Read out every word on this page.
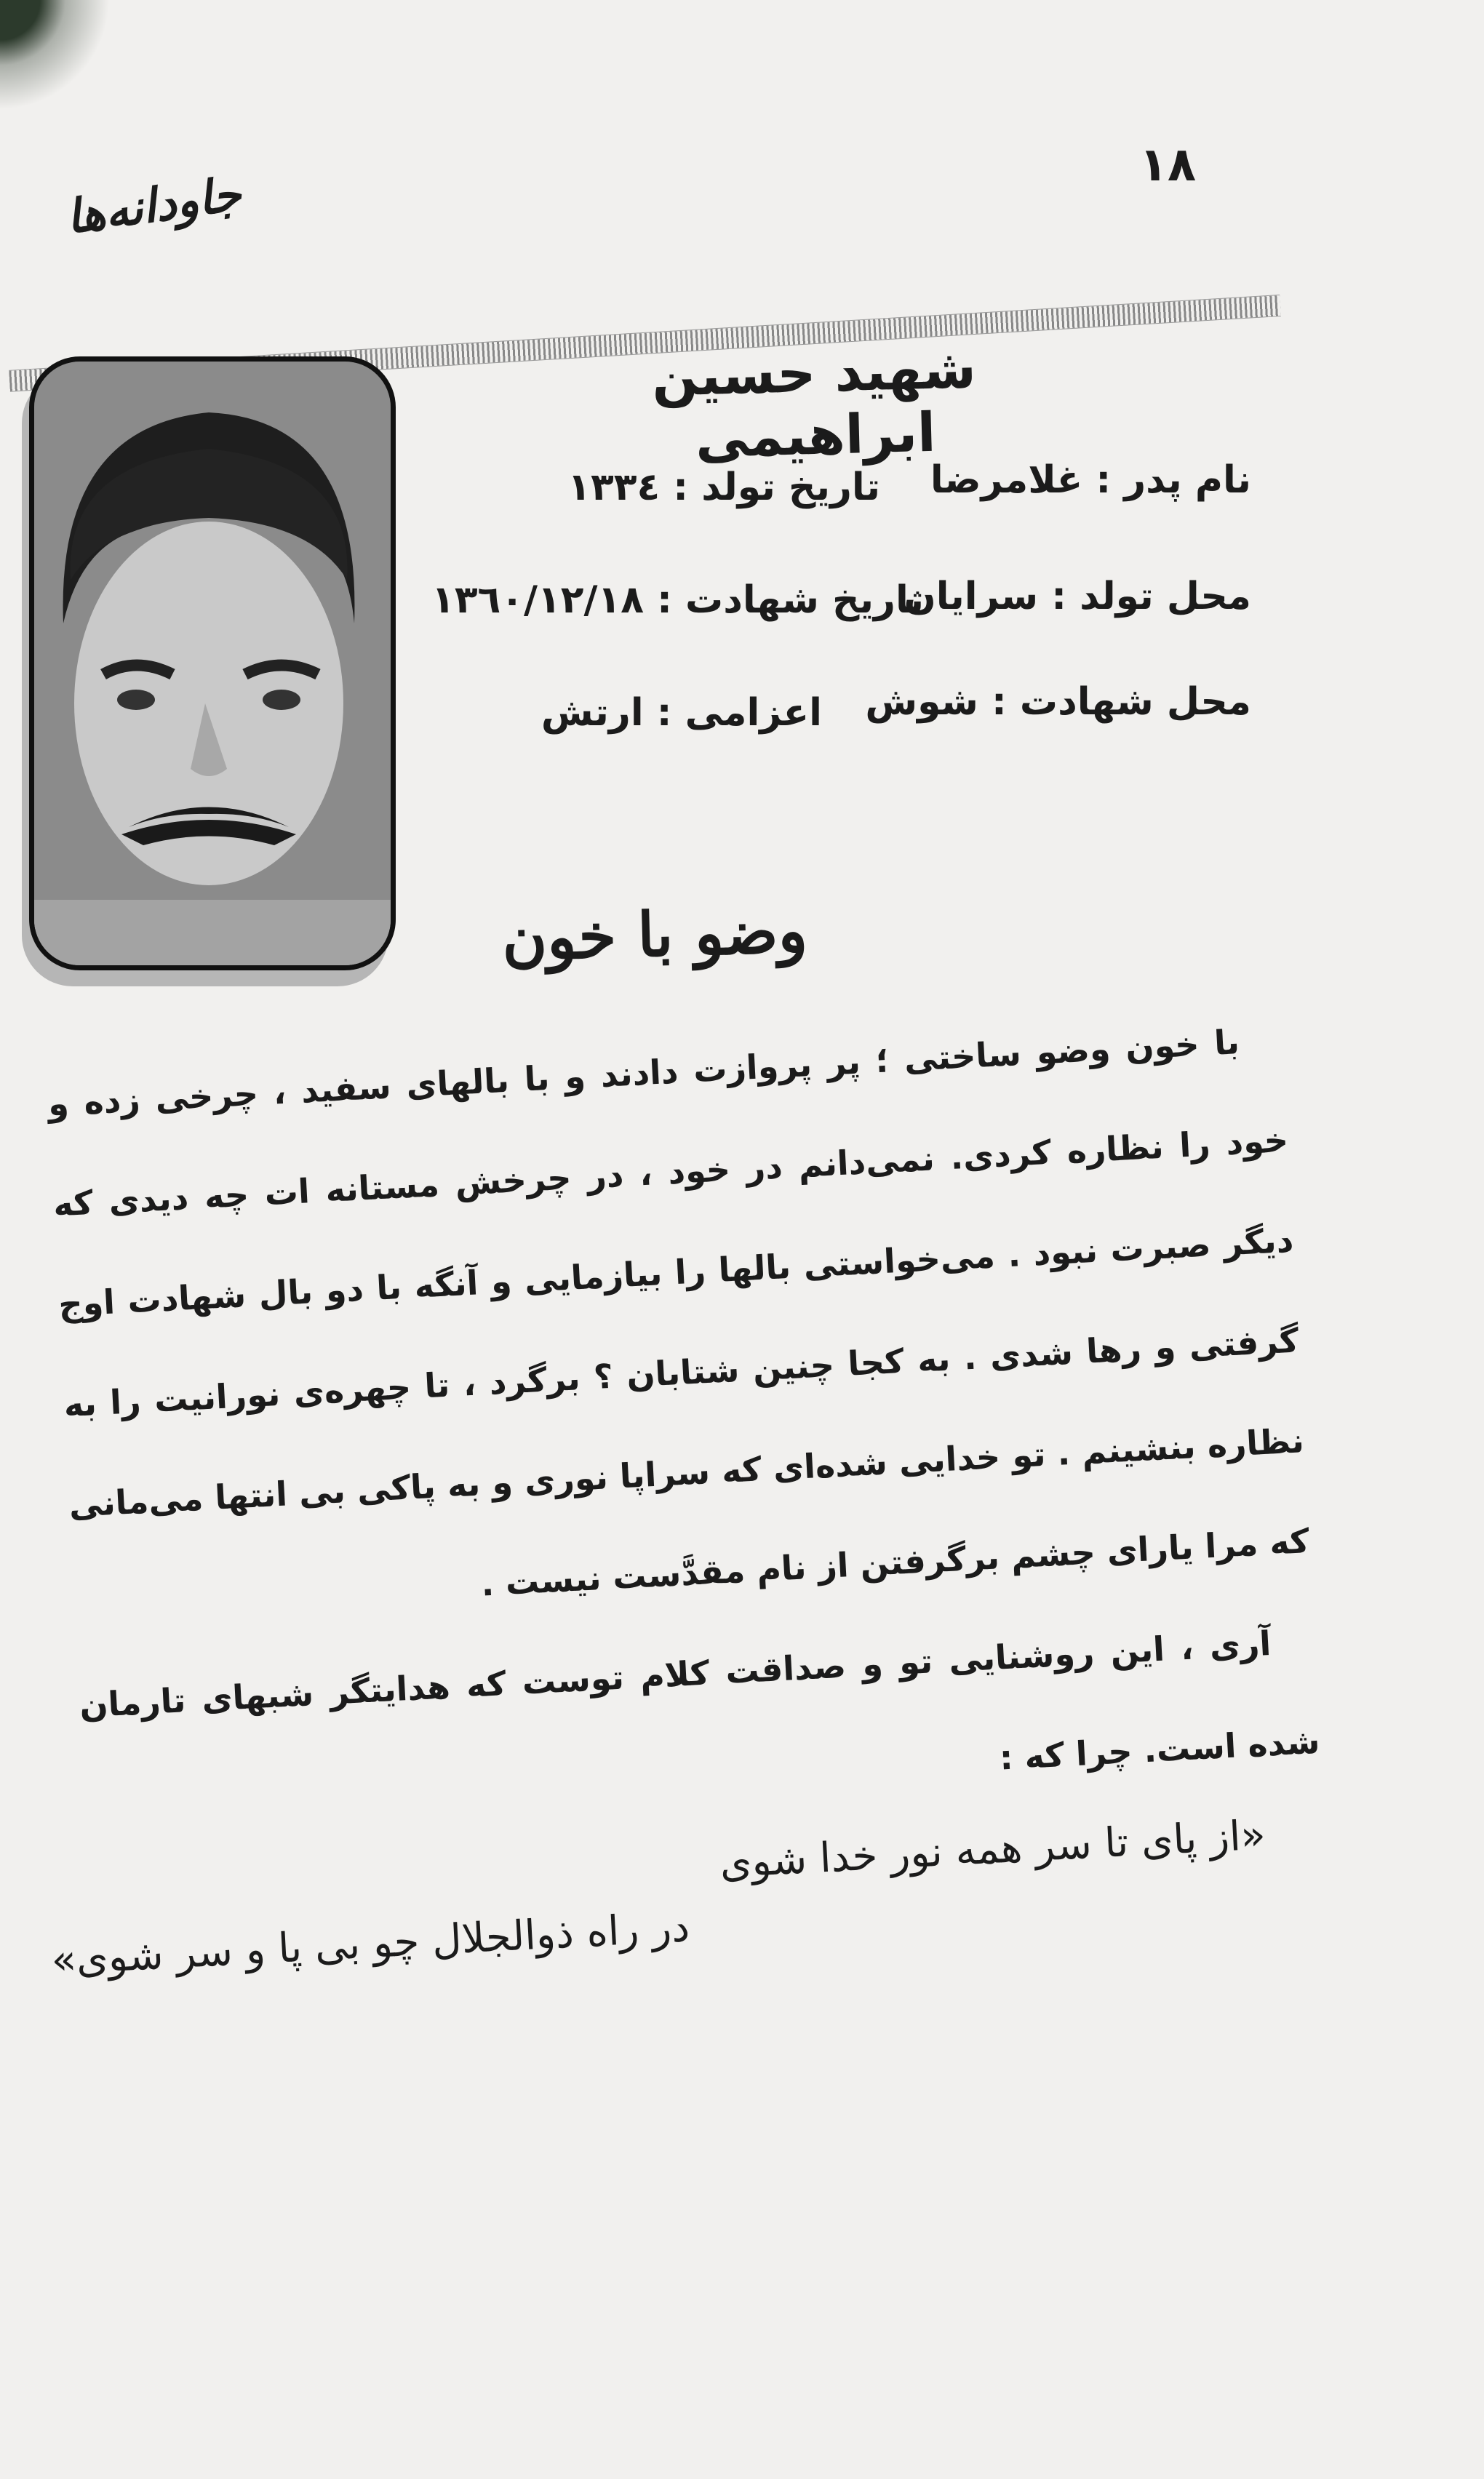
۱۸
جاودانه‌ها
شهید حسین ابراهیمی
نام پدر : غلامرضا
تاریخ تولد : ۱۳۳٤
محل تولد : سرایان
تاریخ شهادت : ۱۳٦۰/۱۲/۱۸
محل شهادت : شوش
اعزامی : ارتش
وضو با خون

با خون وضو ساختی ؛ پر پروازت دادند و با بالهای سفید ، چرخی زده و خود را نظاره کردی. نمی‌دانم در خود ، در چرخش مستانه ات چه دیدی که دیگر صبرت نبود . می‌خواستی بالها را بیازمایی و آنگه با دو بال شهادت اوج گرفتی و رها شدی . به کجا چنین شتابان ؟ برگرد ، تا چهره‌ی نورانیت را به نظاره بنشینم . تو خدایی شده‌ای که سراپا نوری و به پاکی بی انتها می‌مانی که مرا یارای چشم برگرفتن از نام مقدَّست نیست .

آری ، این روشنایی تو و صداقت کلام توست که هدایتگر شبهای تارمان شده است. چرا که :

«از پای تا سر همه نور خدا شوی
در راه ذوالجلال چو بی پا و سر شوی»
